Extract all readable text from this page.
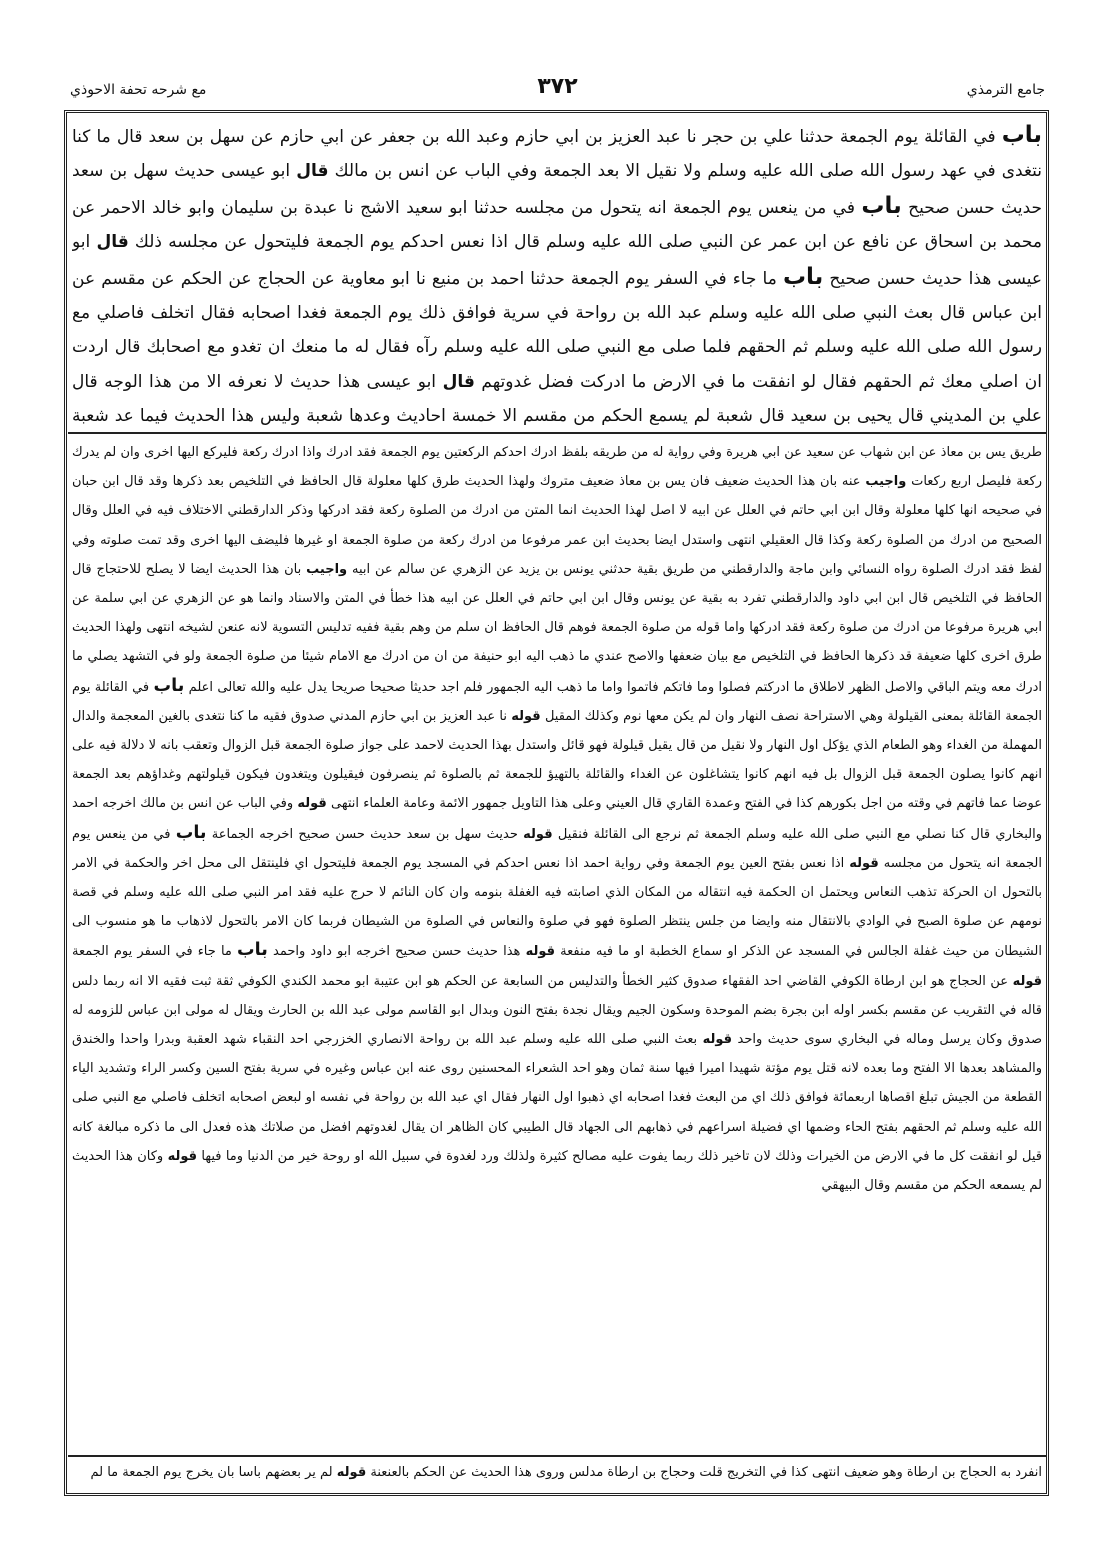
جامع الترمذي
٣٧٢
مع شرحه تحفة الاحوذي
باب في القائلة يوم الجمعة حدثنا علي بن حجر نا عبد العزيز بن ابي حازم وعبد الله بن جعفر عن ابي حازم عن سهل بن سعد قال ما كنا نتغدى في عهد رسول الله صلى الله عليه وسلم ولا نقيل الا بعد الجمعة وفي الباب عن انس بن مالك قال ابو عيسى حديث سهل بن سعد حديث حسن صحيح باب في من ينعس يوم الجمعة انه يتحول من مجلسه حدثنا ابو سعيد الاشج نا عبدة بن سليمان وابو خالد الاحمر عن محمد بن اسحاق عن نافع عن ابن عمر عن النبي صلى الله عليه وسلم قال اذا نعس احدكم يوم الجمعة فليتحول عن مجلسه ذلك قال ابو عيسى هذا حديث حسن صحيح باب ما جاء في السفر يوم الجمعة حدثنا احمد بن منيع نا ابو معاوية عن الحجاج عن الحكم عن مقسم عن ابن عباس قال بعث النبي صلى الله عليه وسلم عبد الله بن رواحة في سرية فوافق ذلك يوم الجمعة فغدا اصحابه فقال اتخلف فاصلي مع رسول الله صلى الله عليه وسلم ثم الحقهم فلما صلى مع النبي صلى الله عليه وسلم رآه فقال له ما منعك ان تغدو مع اصحابك قال اردت ان اصلي معك ثم الحقهم فقال لو انفقت ما في الارض ما ادركت فضل غدوتهم قال ابو عيسى هذا حديث لا نعرفه الا من هذا الوجه قال علي بن المديني قال يحيى بن سعيد قال شعبة لم يسمع الحكم من مقسم الا خمسة احاديث وعدها شعبة وليس هذا الحديث فيما عد شعبة
طريق يس بن معاذ عن ابن شهاب عن سعيد عن ابي هريرة وفي رواية له من طريقه بلفظ ادرك احدكم الركعتين يوم الجمعة فقد ادرك واذا ادرك ركعة فليركع اليها اخرى وان لم يدرك ركعة فليصل اربع ركعات واجيب عنه بان هذا الحديث ضعيف فان يس بن معاذ ضعيف متروك ولهذا الحديث طرق كلها معلولة قال الحافظ في التلخيص بعد ذكرها وقد قال ابن حبان في صحيحه انها كلها معلولة وقال ابن ابي حاتم في العلل عن ابيه لا اصل لهذا الحديث انما المتن من ادرك من الصلوة ركعة فقد ادركها وذكر الدارقطني الاختلاف فيه في العلل وقال الصحيح من ادرك من الصلوة ركعة وكذا قال العقيلي انتهى واستدل ايضا بحديث ابن عمر مرفوعا من ادرك ركعة من صلوة الجمعة او غيرها فليضف اليها اخرى وقد تمت صلوته وفي لفظ فقد ادرك الصلوة رواه النسائي وابن ماجة والدارقطني من طريق بقية حدثني يونس بن يزيد عن الزهري عن سالم عن ابيه واجيب بان هذا الحديث ايضا لا يصلح للاحتجاج قال الحافظ في التلخيص قال ابن ابي داود والدارقطني تفرد به بقية عن يونس وقال ابن ابي حاتم في العلل عن ابيه هذا خطأ في المتن والاسناد وانما هو عن الزهري عن ابي سلمة عن ابي هريرة مرفوعا من ادرك من صلوة ركعة فقد ادركها واما قوله من صلوة الجمعة فوهم قال الحافظ ان سلم من وهم بقية ففيه تدليس التسوية لانه عنعن لشيخه انتهى ولهذا الحديث طرق اخرى كلها ضعيفة قد ذكرها الحافظ في التلخيص مع بيان ضعفها والاصح عندي ما ذهب اليه ابو حنيفة من ان من ادرك مع الامام شيئا من صلوة الجمعة ولو في التشهد يصلي ما ادرك معه ويتم الباقي والاصل الظهر لاطلاق ما ادركتم فصلوا وما فاتكم فاتموا واما ما ذهب اليه الجمهور فلم اجد حديثا صحيحا صريحا يدل عليه والله تعالى اعلم باب في القائلة يوم الجمعة القائلة بمعنى القيلولة وهي الاستراحة نصف النهار وان لم يكن معها نوم وكذلك المقيل قوله نا عبد العزيز بن ابي حازم المدني صدوق فقيه ما كنا نتغدى بالغين المعجمة والدال المهملة من الغداء وهو الطعام الذي يؤكل اول النهار ولا نقيل من قال يقيل قيلولة فهو قائل واستدل بهذا الحديث لاحمد على جواز صلوة الجمعة قبل الزوال وتعقب بانه لا دلالة فيه على انهم كانوا يصلون الجمعة قبل الزوال بل فيه انهم كانوا يتشاغلون عن الغداء والقائلة بالتهيؤ للجمعة ثم بالصلوة ثم ينصرفون فيقيلون ويتغدون فيكون قيلولتهم وغداؤهم بعد الجمعة عوضا عما فاتهم في وقته من اجل بكورهم كذا في الفتح وعمدة القاري قال العيني وعلى هذا التاويل جمهور الائمة وعامة العلماء انتهى قوله وفي الباب عن انس بن مالك اخرجه احمد والبخاري قال كنا نصلي مع النبي صلى الله عليه وسلم الجمعة ثم نرجع الى القائلة فنقيل قوله حديث سهل بن سعد حديث حسن صحيح اخرجه الجماعة باب في من ينعس يوم الجمعة انه يتحول من مجلسه قوله اذا نعس بفتح العين يوم الجمعة وفي رواية احمد اذا نعس احدكم في المسجد يوم الجمعة فليتحول اي فلينتقل الى محل اخر والحكمة في الامر بالتحول ان الحركة تذهب النعاس ويحتمل ان الحكمة فيه انتقاله من المكان الذي اصابته فيه الغفلة بنومه وان كان النائم لا حرج عليه فقد امر النبي صلى الله عليه وسلم في قصة نومهم عن صلوة الصبح في الوادي بالانتقال منه وايضا من جلس ينتظر الصلوة فهو في صلوة والنعاس في الصلوة من الشيطان فربما كان الامر بالتحول لاذهاب ما هو منسوب الى الشيطان من حيث غفلة الجالس في المسجد عن الذكر او سماع الخطبة او ما فيه منفعة قوله هذا حديث حسن صحيح اخرجه ابو داود واحمد باب ما جاء في السفر يوم الجمعة قوله عن الحجاج هو ابن ارطاة الكوفي القاضي احد الفقهاء صدوق كثير الخطأ والتدليس من السابعة عن الحكم هو ابن عتيبة ابو محمد الكندي الكوفي ثقة ثبت فقيه الا انه ربما دلس قاله في التقريب عن مقسم بكسر اوله ابن بجرة بضم الموحدة وسكون الجيم ويقال نجدة بفتح النون وبدال ابو القاسم مولى عبد الله بن الحارث ويقال له مولى ابن عباس للزومه له صدوق وكان يرسل وماله في البخاري سوى حديث واحد قوله بعث النبي صلى الله عليه وسلم عبد الله بن رواحة الانصاري الخزرجي احد النقباء شهد العقبة وبدرا واحدا والخندق والمشاهد بعدها الا الفتح وما بعده لانه قتل يوم مؤتة شهيدا اميرا فيها سنة ثمان وهو احد الشعراء المحسنين روى عنه ابن عباس وغيره في سرية بفتح السين وكسر الراء وتشديد الياء القطعة من الجيش تبلغ اقصاها اربعمائة فوافق ذلك اي من البعث فغدا اصحابه اي ذهبوا اول النهار فقال اي عبد الله بن رواحة في نفسه او لبعض اصحابه اتخلف فاصلي مع النبي صلى الله عليه وسلم ثم الحقهم بفتح الحاء وضمها اي فضيلة اسراعهم في ذهابهم الى الجهاد قال الطيبي كان الظاهر ان يقال لغدوتهم افضل من صلاتك هذه فعدل الى ما ذكره مبالغة كانه قيل لو انفقت كل ما في الارض من الخيرات وذلك لان تاخير ذلك ربما يفوت عليه مصالح كثيرة ولذلك ورد لغدوة في سبيل الله او روحة خير من الدنيا وما فيها قوله وكان هذا الحديث لم يسمعه الحكم من مقسم وقال البيهقي
انفرد به الحجاج بن ارطاة وهو ضعيف انتهى كذا في التخريج قلت وحجاج بن ارطاة مدلس وروى هذا الحديث عن الحكم بالعنعنة قوله لم ير بعضهم باسا بان يخرج يوم الجمعة ما لم
